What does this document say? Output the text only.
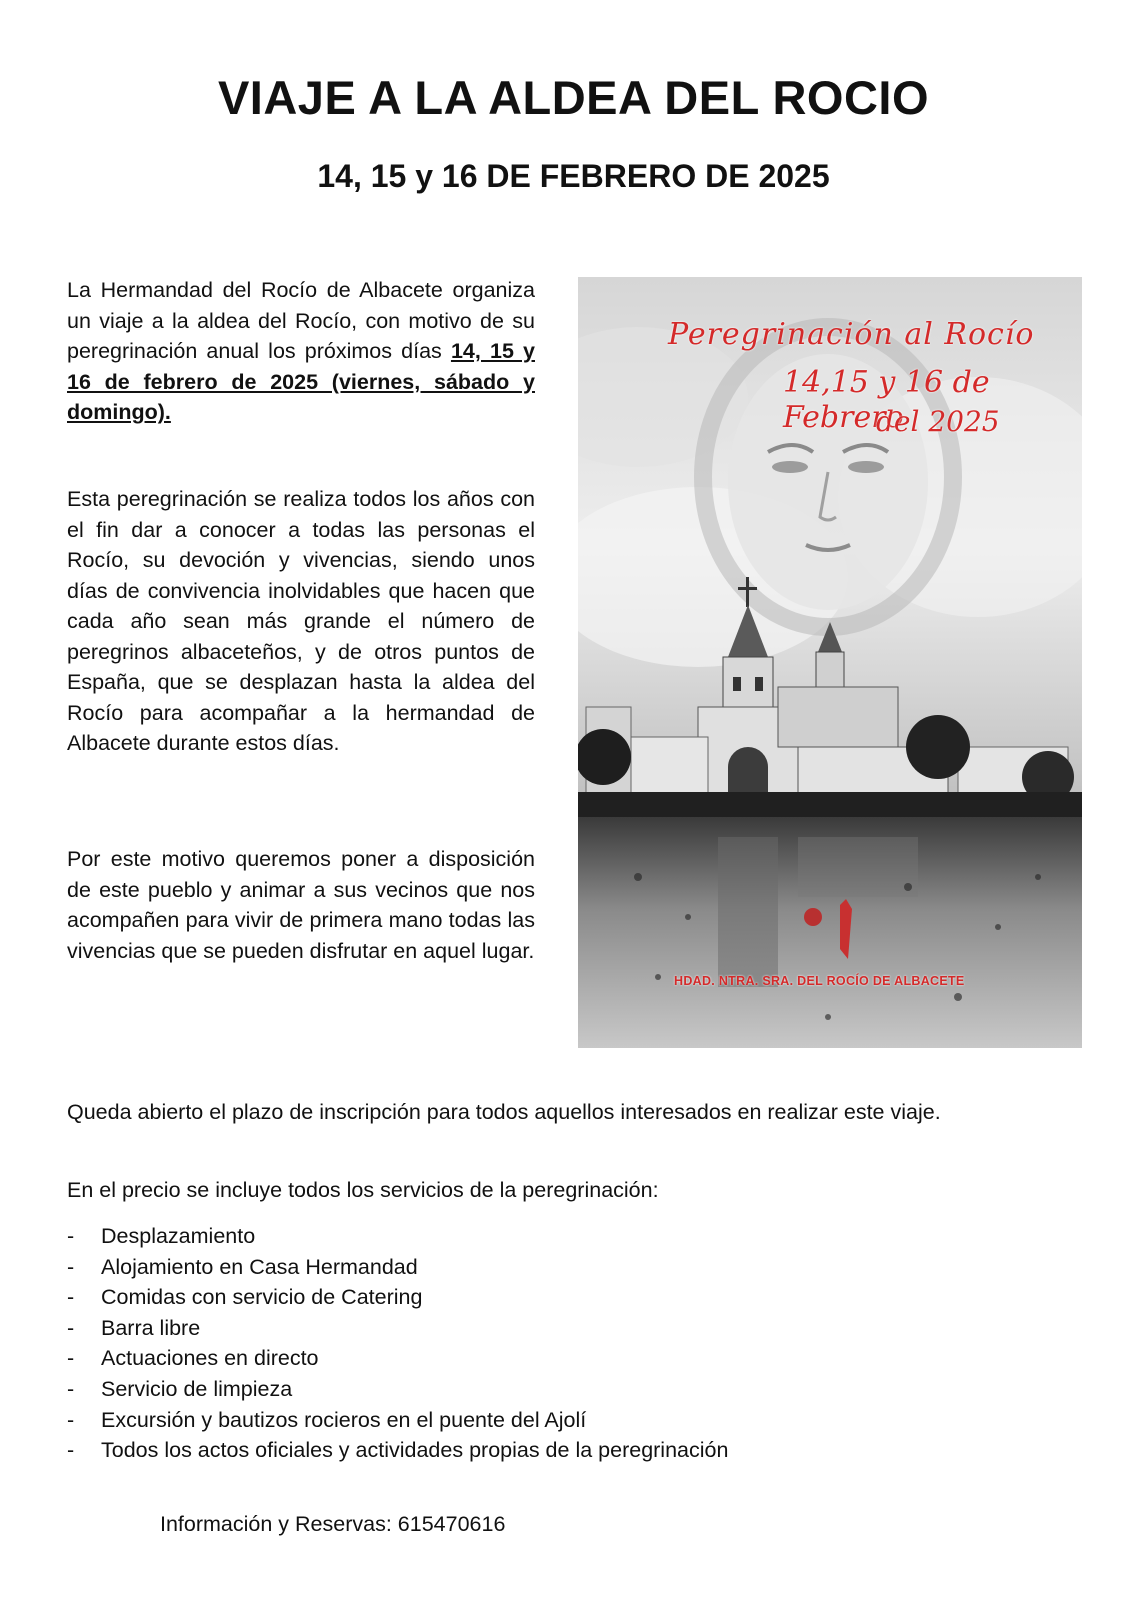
VIAJE A LA ALDEA DEL ROCIO
14, 15 y 16 DE FEBRERO DE 2025
La Hermandad del Rocío de Albacete organiza un viaje a la aldea del Rocío, con motivo de su peregrinación anual los próximos días 14, 15 y 16 de febrero de 2025 (viernes, sábado y domingo).
Esta peregrinación se realiza todos los años con el fin dar a conocer a todas las personas el Rocío, su devoción y vivencias, siendo unos días de convivencia inolvidables que hacen que cada año sean más grande el número de peregrinos albaceteños, y de otros puntos de España, que se desplazan hasta la aldea del Rocío para acompañar a la hermandad de Albacete durante estos días.
Por este motivo queremos poner a disposición de este pueblo y animar a sus vecinos que nos acompañen para vivir de primera mano todas las vivencias que se pueden disfrutar en aquel lugar.
Peregrinación al Rocío
14,15 y 16 de Febrero
del 2025
HDAD. NTRA. SRA. DEL ROCÍO DE ALBACETE
Queda abierto el plazo de inscripción para todos aquellos interesados en realizar este viaje.
En el precio se incluye todos los servicios de la peregrinación:
- Desplazamiento
- Alojamiento en Casa Hermandad
- Comidas con servicio de Catering
- Barra libre
- Actuaciones en directo
- Servicio de limpieza
- Excursión y bautizos rocieros en el puente del Ajolí
- Todos los actos oficiales y actividades propias de la peregrinación
Información y Reservas: 615470616
